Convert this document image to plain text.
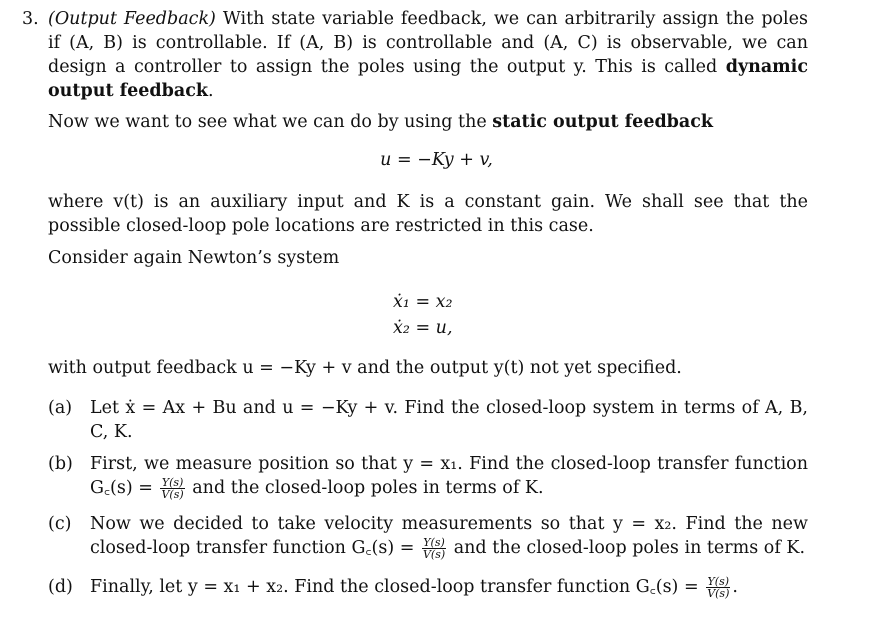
3. (Output Feedback) With state variable feedback, we can arbitrarily assign the poles if (A, B) is controllable. If (A, B) is controllable and (A, C) is observable, we can design a controller to assign the poles using the output y. This is called dynamic output feedback.
Now we want to see what we can do by using the static output feedback
u = −Ky + v,
where v(t) is an auxiliary input and K is a constant gain. We shall see that the possible closed-loop pole locations are restricted in this case.
Consider again Newton’s system
ẋ₁ = x₂
ẋ₂ = u,
with output feedback u = −Ky + v and the output y(t) not yet specified.
(a) Let ẋ = Ax + Bu and u = −Ky + v. Find the closed-loop system in terms of A, B, C, K.
(b) First, we measure position so that y = x₁. Find the closed-loop transfer function G꜀(s) = $\frac{Y(s)}{V(s)}$ and the closed-loop poles in terms of K.
(c) Now we decided to take velocity measurements so that y = x₂. Find the new closed-loop transfer function G꜀(s) = $\frac{Y(s)}{V(s)}$ and the closed-loop poles in terms of K.
(d) Finally, let y = x₁ + x₂. Find the closed-loop transfer function G꜀(s) = $\frac{Y(s)}{V(s)}$ .
